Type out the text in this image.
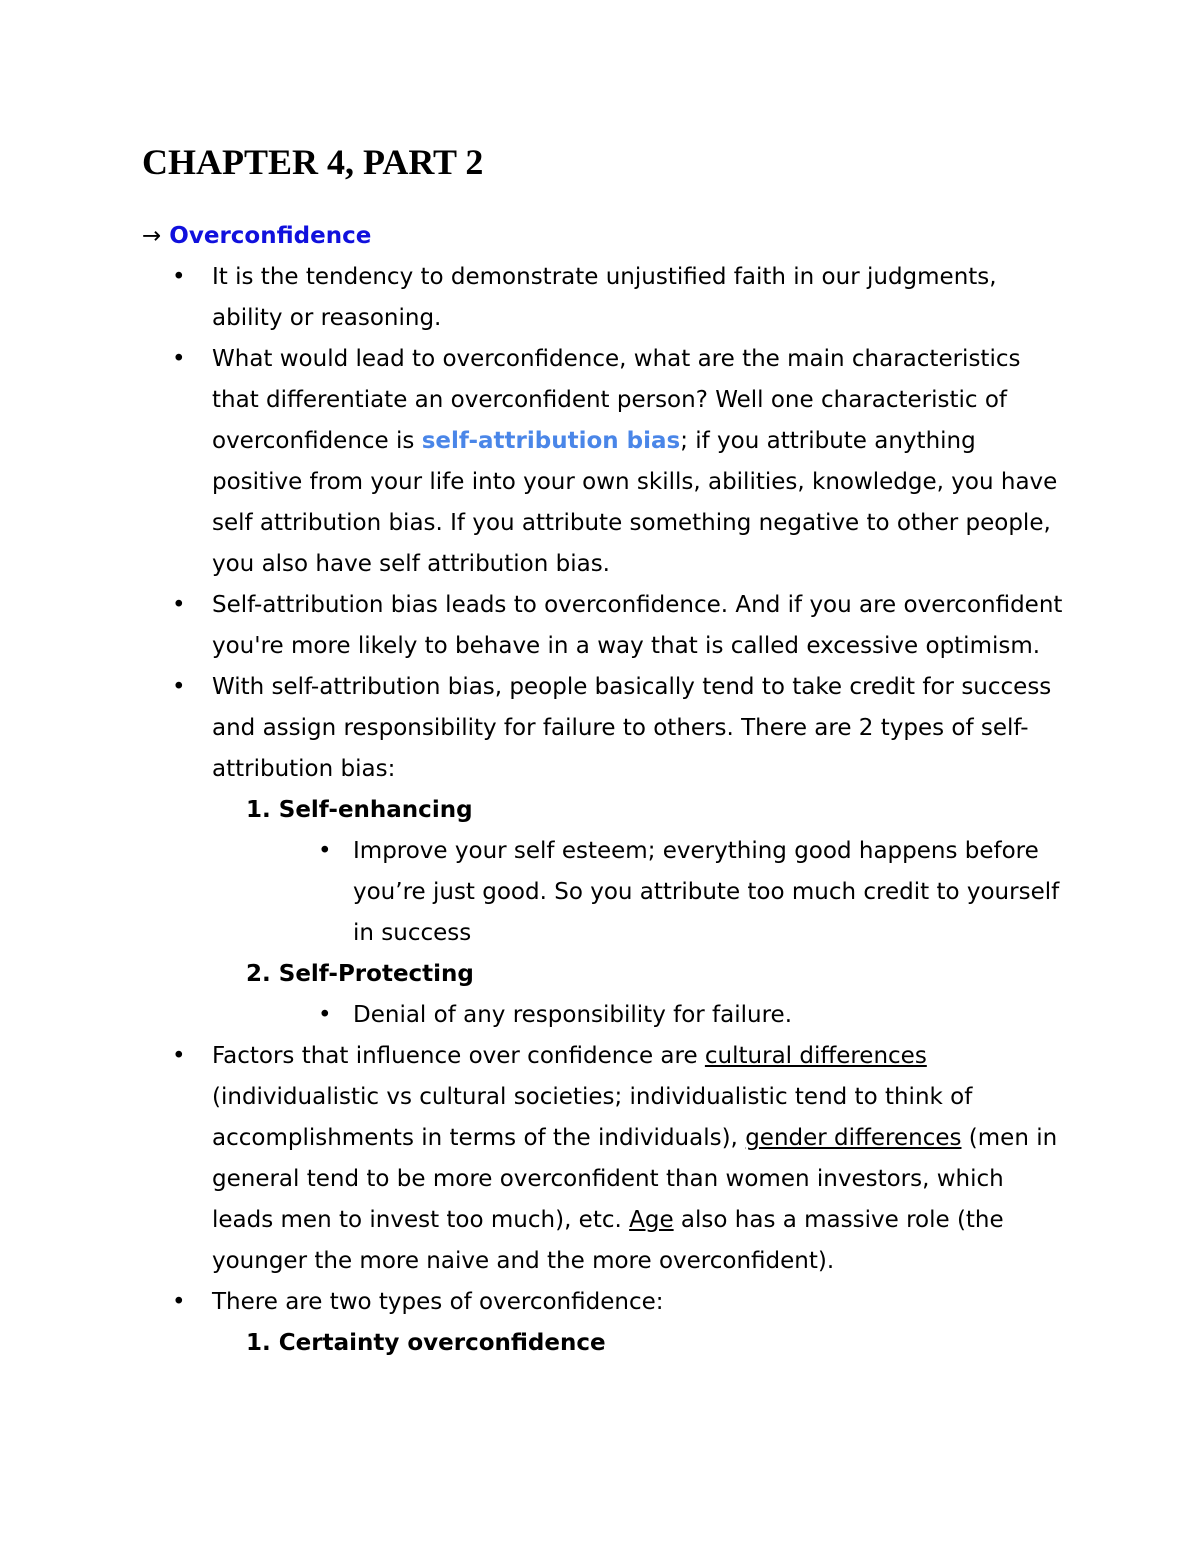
CHAPTER 4, PART 2
→ Overconfidence
• It is the tendency to demonstrate unjustified faith in our judgments, ability or reasoning.
• What would lead to overconfidence, what are the main characteristics that differentiate an overconfident person? Well one characteristic of overconfidence is self-attribution bias; if you attribute anything positive from your life into your own skills, abilities, knowledge, you have self attribution bias. If you attribute something negative to other people, you also have self attribution bias.
• Self-attribution bias leads to overconfidence. And if you are overconfident you're more likely to behave in a way that is called excessive optimism.
• With self-attribution bias, people basically tend to take credit for success and assign responsibility for failure to others. There are 2 types of self-attribution bias:
1. Self-enhancing
• Improve your self esteem; everything good happens before you’re just good. So you attribute too much credit to yourself in success
2. Self-Protecting
• Denial of any responsibility for failure.
• Factors that influence over confidence are cultural differences (individualistic vs cultural societies; individualistic tend to think of accomplishments in terms of the individuals), gender differences (men in general tend to be more overconfident than women investors, which leads men to invest too much), etc. Age also has a massive role (the younger the more naive and the more overconfident).
• There are two types of overconfidence:
1. Certainty overconfidence
